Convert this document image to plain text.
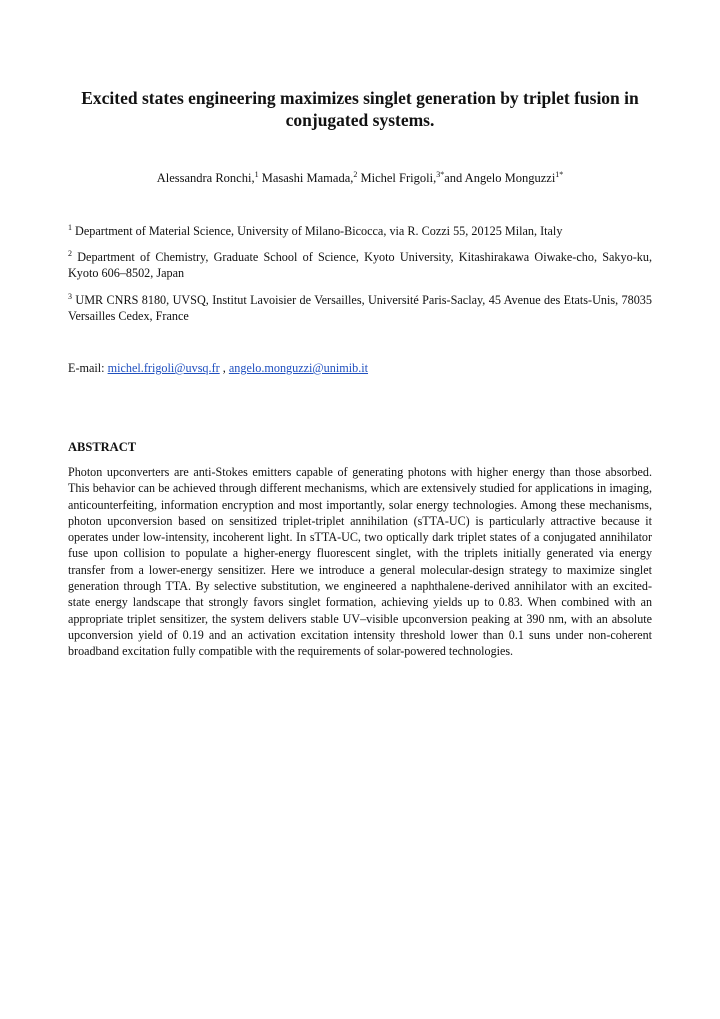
Excited states engineering maximizes singlet generation by triplet fusion in conjugated systems.

Alessandra Ronchi,$^1$ Masashi Mamada,$^2$ Michel Frigoli,$^{3*}$and Angelo Monguzzi$^{1*}$

$^1$ Department of Material Science, University of Milano-Bicocca, via R. Cozzi 55, 20125 Milan, Italy

$^2$ Department of Chemistry, Graduate School of Science, Kyoto University, Kitashirakawa Oiwake-cho, Sakyo-ku, Kyoto 606–8502, Japan

$^3$ UMR CNRS 8180, UVSQ, Institut Lavoisier de Versailles, Université Paris-Saclay, 45 Avenue des Etats-Unis, 78035 Versailles Cedex, France

E-mail: michel.frigoli@uvsq.fr , angelo.monguzzi@unimib.it

ABSTRACT

Photon upconverters are anti-Stokes emitters capable of generating photons with higher energy than those absorbed. This behavior can be achieved through different mechanisms, which are extensively studied for applications in imaging, anticounterfeiting, information encryption and most importantly, solar energy technologies. Among these mechanisms, photon upconversion based on sensitized triplet-triplet annihilation (sTTA-UC) is particularly attractive because it operates under low-intensity, incoherent light. In sTTA-UC, two optically dark triplet states of a conjugated annihilator fuse upon collision to populate a higher-energy fluorescent singlet, with the triplets initially generated via energy transfer from a lower-energy sensitizer. Here we introduce a general molecular-design strategy to maximize singlet generation through TTA. By selective substitution, we engineered a naphthalene-derived annihilator with an excited-state energy landscape that strongly favors singlet formation, achieving yields up to 0.83. When combined with an appropriate triplet sensitizer, the system delivers stable UV–visible upconversion peaking at 390 nm, with an absolute upconversion yield of 0.19 and an activation excitation intensity threshold lower than 0.1 suns under non-coherent broadband excitation fully compatible with the requirements of solar-powered technologies.
